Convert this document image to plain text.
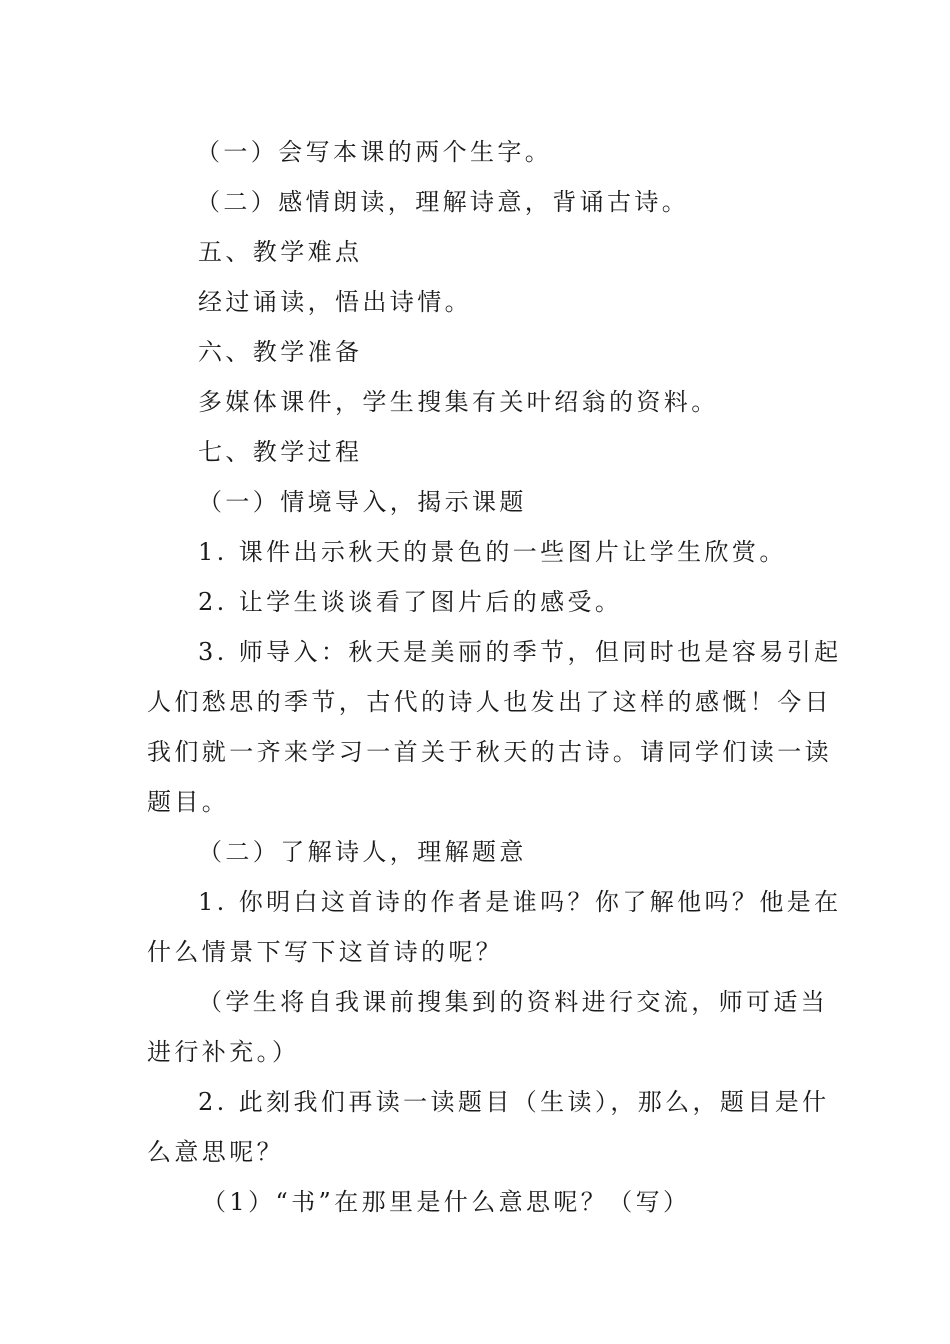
（一）会写本课的两个生字。
（二）感情朗读，理解诗意，背诵古诗。
五、教学难点
经过诵读，悟出诗情。
六、教学准备
多媒体课件，学生搜集有关叶绍翁的资料。
七、教学过程
（一）情境导入，揭示课题
1. 课件出示秋天的景色的一些图片让学生欣赏。
2. 让学生谈谈看了图片后的感受。
3. 师导入：秋天是美丽的季节，但同时也是容易引起
人们愁思的季节，古代的诗人也发出了这样的感慨！今日
我们就一齐来学习一首关于秋天的古诗。请同学们读一读
题目。
（二）了解诗人，理解题意
1. 你明白这首诗的作者是谁吗？你了解他吗？他是在
什么情景下写下这首诗的呢？
（学生将自我课前搜集到的资料进行交流，师可适当
进行补充。）
2. 此刻我们再读一读题目（生读），那么，题目是什
么意思呢？
（1）“书”在那里是什么意思呢？（写）
